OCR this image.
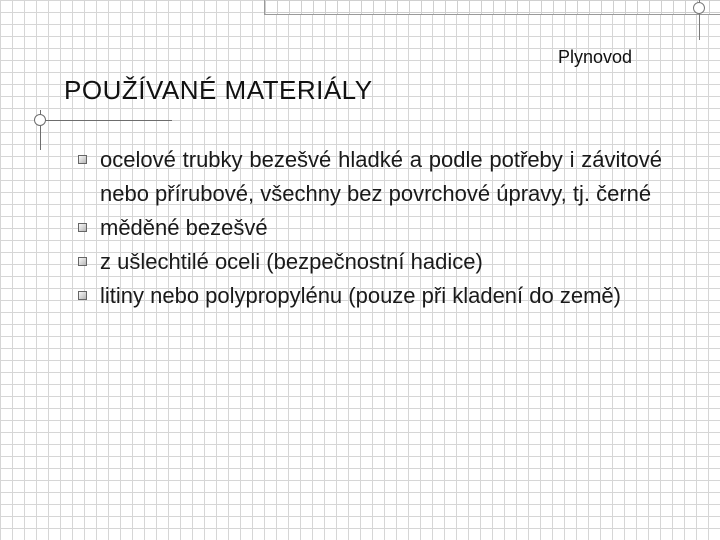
Plynovod
POUŽÍVANÉ MATERIÁLY
ocelové trubky bezešvé hladké a podle potřeby i závitové nebo přírubové, všechny bez povrchové úpravy, tj. černé
měděné bezešvé
z ušlechtilé oceli (bezpečnostní hadice)
litiny nebo polypropylénu (pouze při kladení do země)
